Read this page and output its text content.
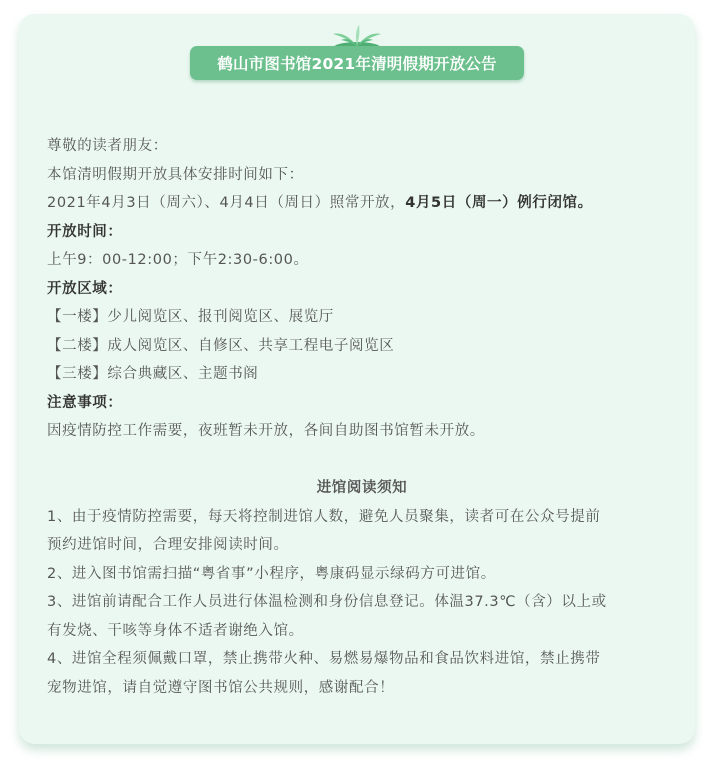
鹤山市图书馆2021年清明假期开放公告

尊敬的读者朋友：

本馆清明假期开放具体安排时间如下：

2021年4月3日（周六）、4月4日（周日）照常开放，4月5日（周一）例行闭馆。

开放时间：

上午9：00-12:00；下午2:30-6:00。

开放区域：

【一楼】少儿阅览区、报刊阅览区、展览厅

【二楼】成人阅览区、自修区、共享工程电子阅览区

【三楼】综合典藏区、主题书阁

注意事项：

因疫情防控工作需要，夜班暂未开放，各间自助图书馆暂未开放。

进馆阅读须知

1、由于疫情防控需要，每天将控制进馆人数，避免人员聚集，读者可在公众号提前

预约进馆时间，合理安排阅读时间。

2、进入图书馆需扫描“粤省事”小程序，粤康码显示绿码方可进馆。

3、进馆前请配合工作人员进行体温检测和身份信息登记。体温37.3℃（含）以上或

有发烧、干咳等身体不适者谢绝入馆。

4、进馆全程须佩戴口罩，禁止携带火种、易燃易爆物品和食品饮料进馆，禁止携带

宠物进馆，请自觉遵守图书馆公共规则，感谢配合！
